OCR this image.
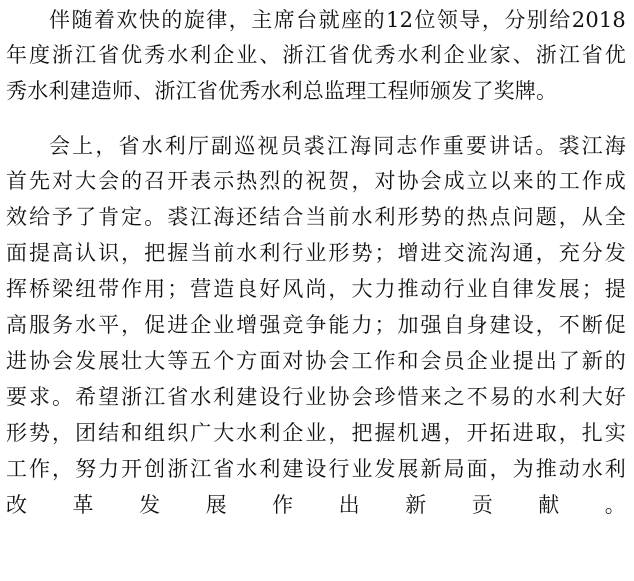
伴随着欢快的旋律，主席台就座的12位领导，分别给2018
年度浙江省优秀水利企业、浙江省优秀水利企业家、浙江省优
秀水利建造师、浙江省优秀水利总监理工程师颁发了奖牌。
会上，省水利厅副巡视员裘江海同志作重要讲话。裘江海
首先对大会的召开表示热烈的祝贺，对协会成立以来的工作成
效给予了肯定。裘江海还结合当前水利形势的热点问题，从全
面提高认识，把握当前水利行业形势；增进交流沟通，充分发
挥桥梁纽带作用；营造良好风尚，大力推动行业自律发展；提
高服务水平，促进企业增强竞争能力；加强自身建设，不断促
进协会发展壮大等五个方面对协会工作和会员企业提出了新的
要求。希望浙江省水利建设行业协会珍惜来之不易的水利大好
形势，团结和组织广大水利企业，把握机遇，开拓进取，扎实
工作，努力开创浙江省水利建设行业发展新局面，为推动水利
改革发展作出新贡献。
